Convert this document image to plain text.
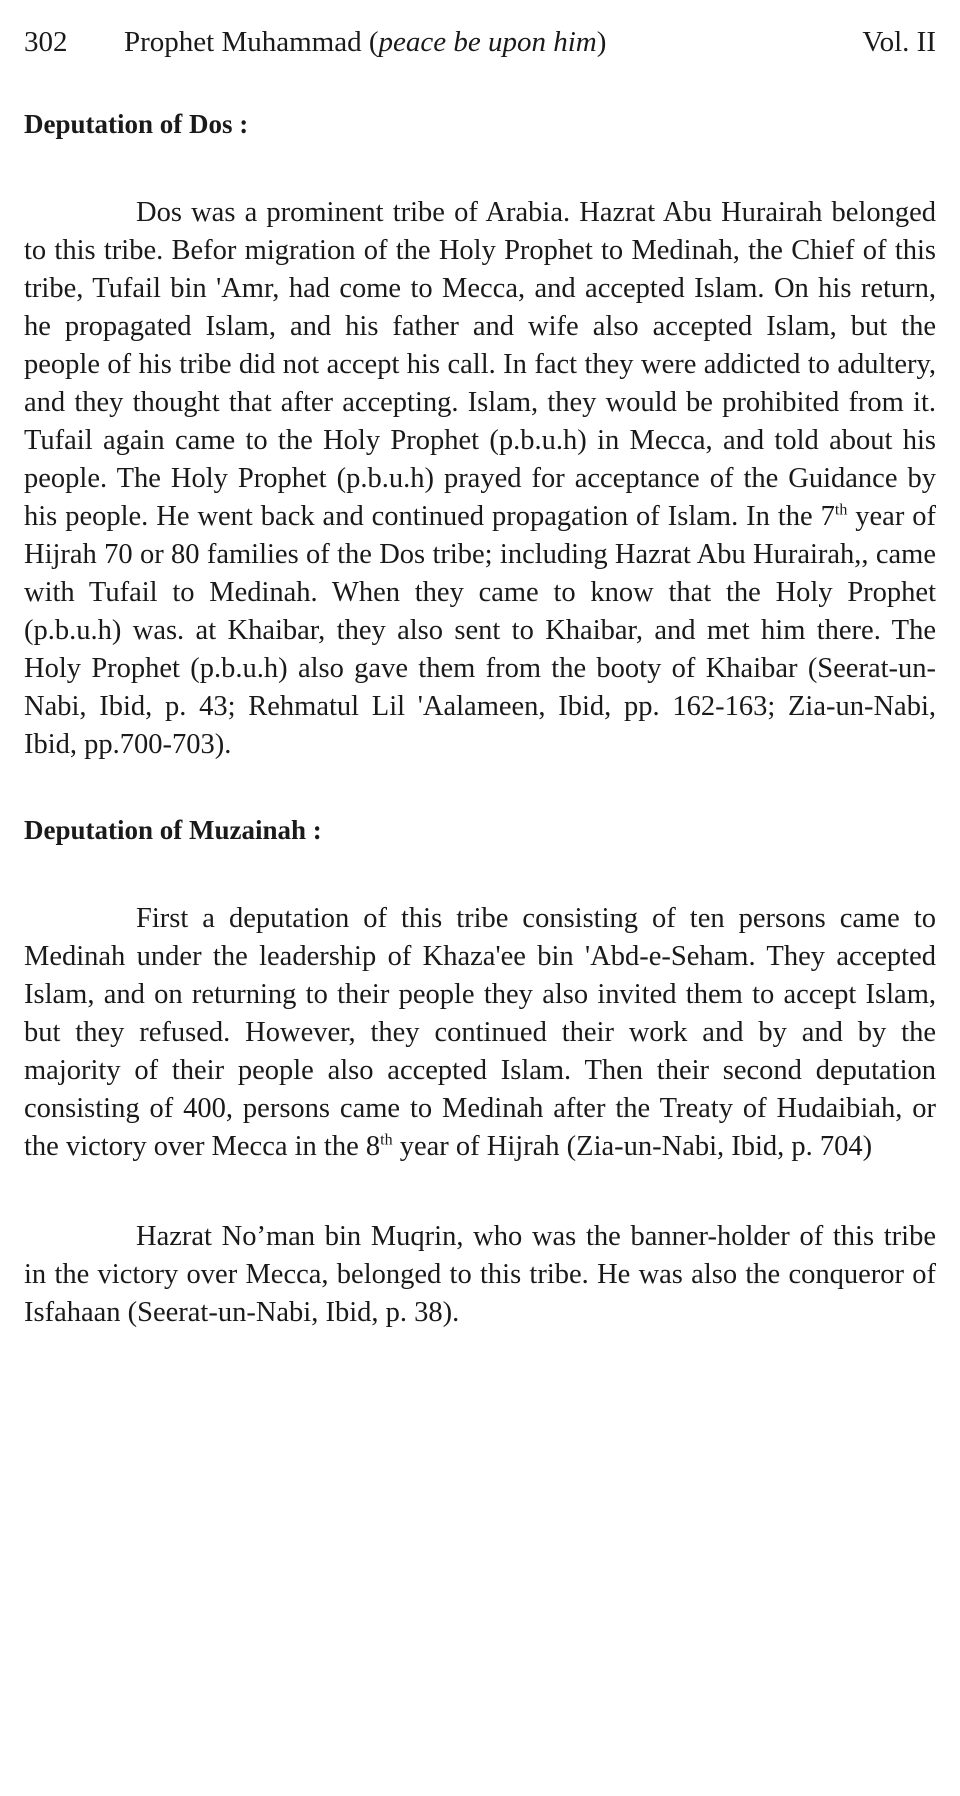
302	Prophet Muhammad (peace be upon him)	Vol. II
Deputation of Dos :

Dos was a prominent tribe of Arabia. Hazrat Abu Hurairah belonged to this tribe. Befor migration of the Holy Prophet to Medinah, the Chief of this tribe, Tufail bin 'Amr, had come to Mecca, and accepted Islam. On his return, he propagated Islam, and his father and wife also accepted Islam, but the people of his tribe did not accept his call. In fact they were addicted to adultery, and they thought that after accepting. Islam, they would be prohibited from it. Tufail again came to the Holy Prophet (p.b.u.h) in Mecca, and told about his people. The Holy Prophet (p.b.u.h) prayed for acceptance of the Guidance by his people. He went back and continued propagation of Islam. In the 7th year of Hijrah 70 or 80 families of the Dos tribe; including Hazrat Abu Hurairah,, came with Tufail to Medinah. When they came to know that the Holy Prophet (p.b.u.h) was. at Khaibar, they also sent to Khaibar, and met him there. The Holy Prophet (p.b.u.h) also gave them from the booty of Khaibar (Seerat-un-Nabi, Ibid, p. 43; Rehmatul Lil 'Aalameen, Ibid, pp. 162-163; Zia-un-Nabi, Ibid, pp.700-703).

Deputation of Muzainah :

First a deputation of this tribe consisting of ten persons came to Medinah under the leadership of Khaza'ee bin 'Abd-e-Seham. They accepted Islam, and on returning to their people they also invited them to accept Islam, but they refused. However, they continued their work and by and by the majority of their people also accepted Islam. Then their second deputation consisting of 400, persons came to Medinah after the Treaty of Hudaibiah, or the victory over Mecca in the 8th year of Hijrah (Zia-un-Nabi, Ibid, p. 704)

Hazrat No’man bin Muqrin, who was the banner-holder of this tribe in the victory over Mecca, belonged to this tribe. He was also the conqueror of Isfahaan (Seerat-un-Nabi, Ibid, p. 38).
